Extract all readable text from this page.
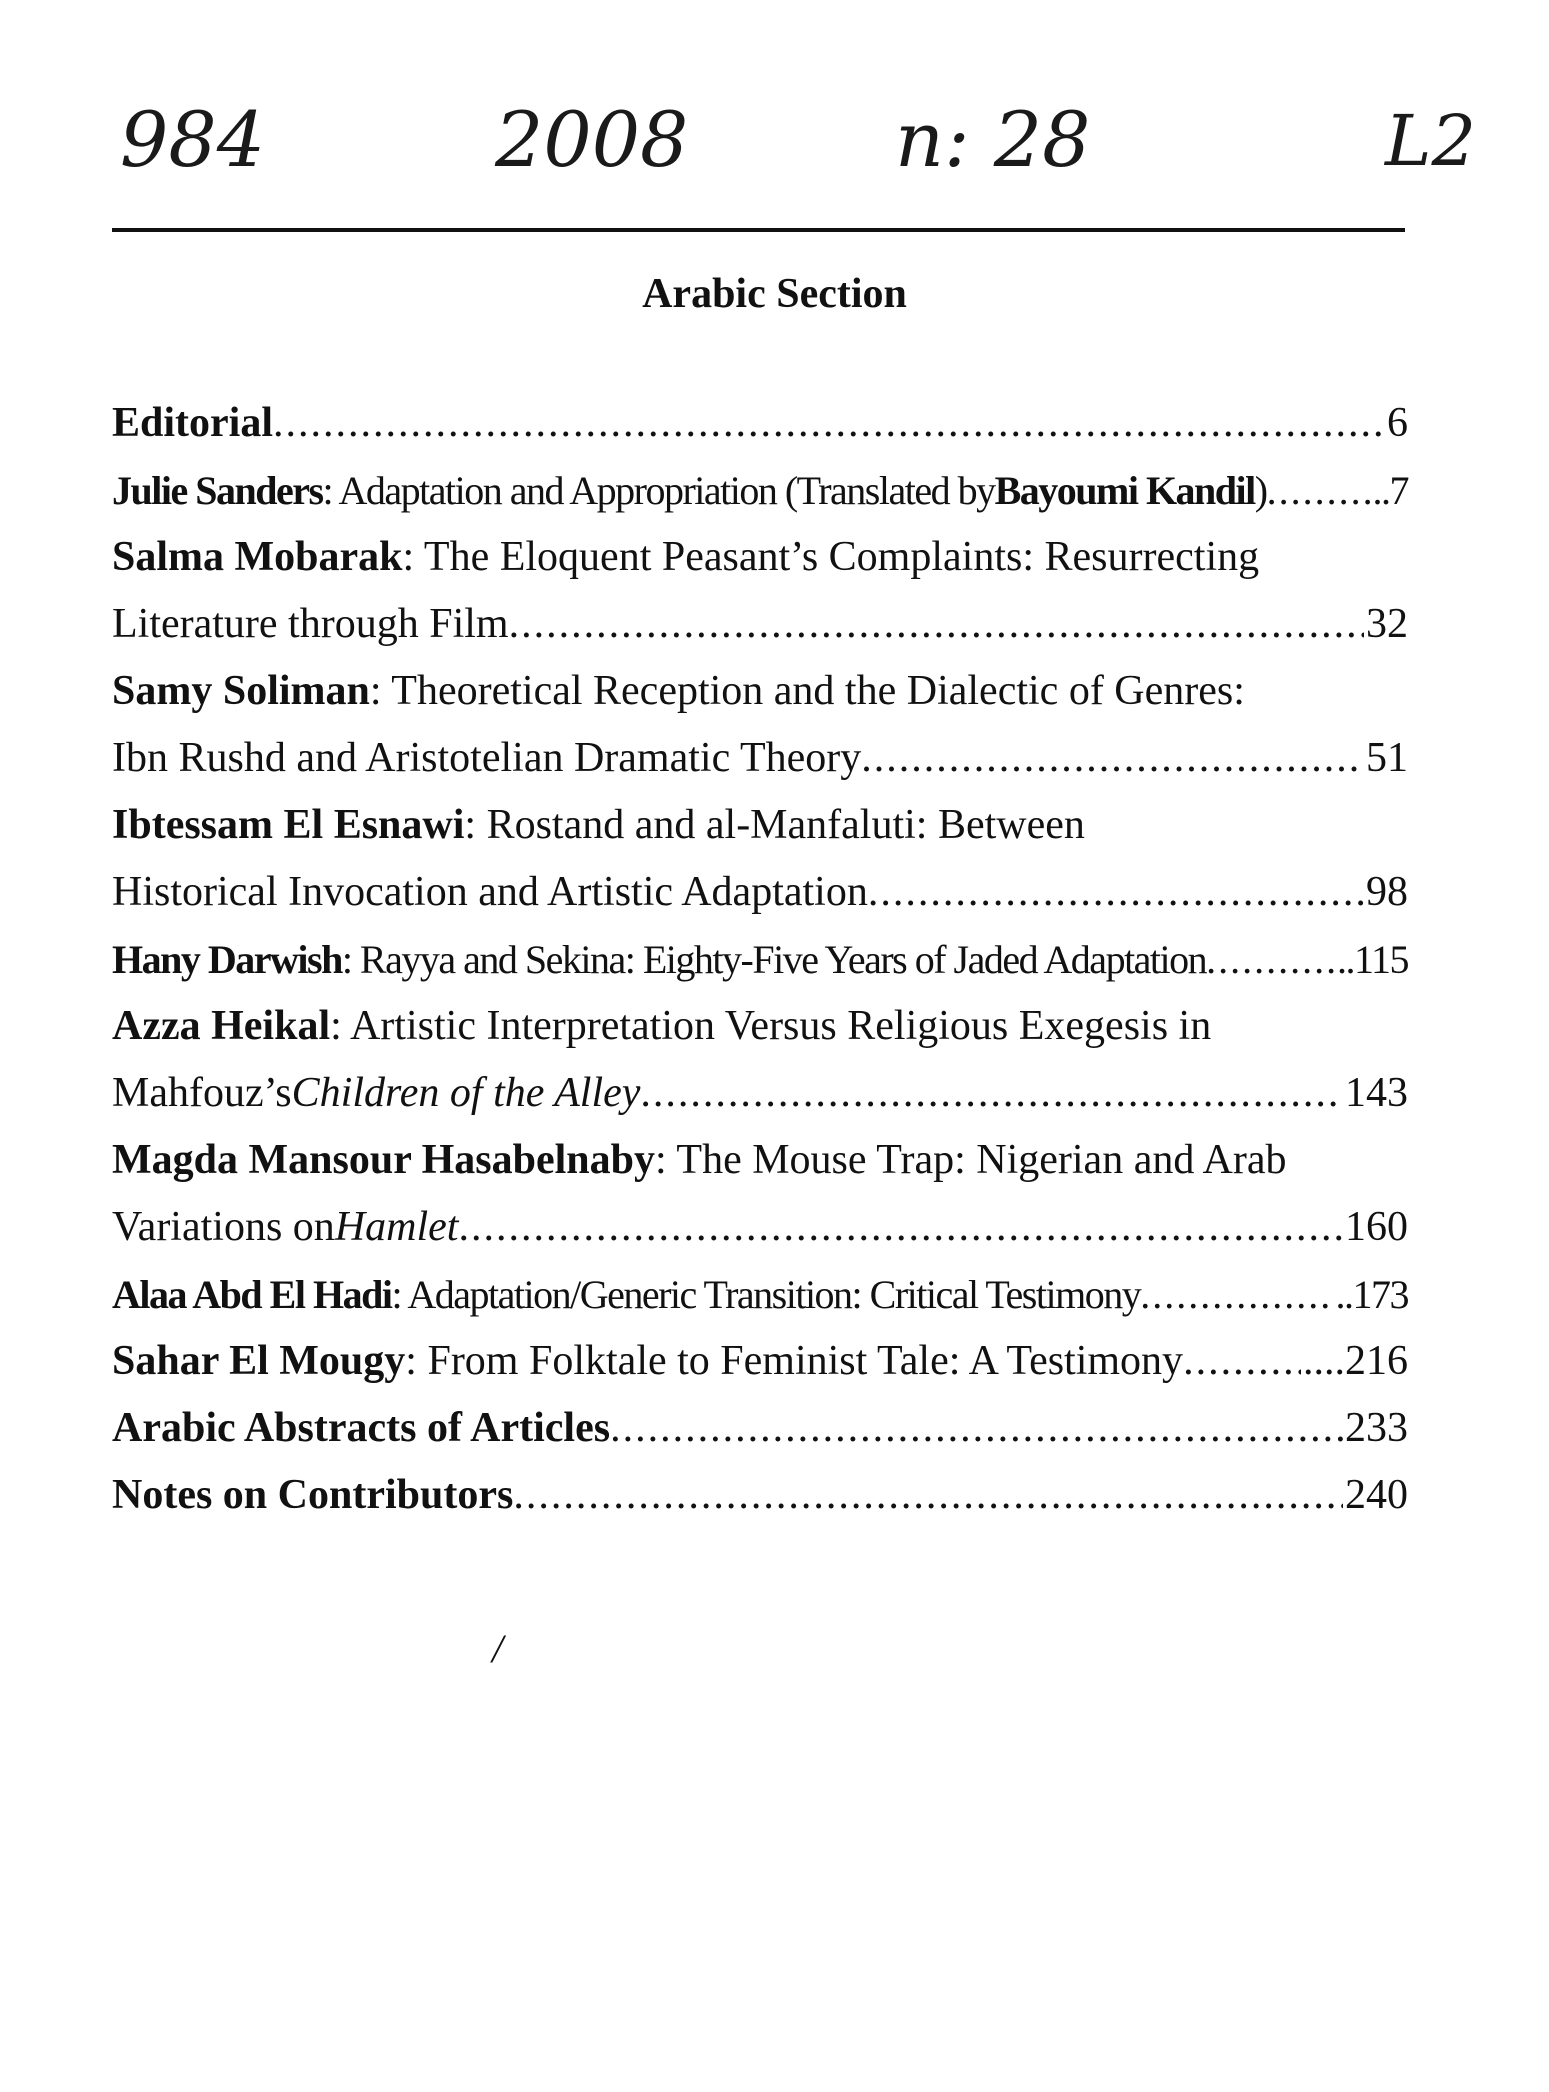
984	2008	n: 28	L2
Arabic Section
Editorial .....	6
Julie Sanders : Adaptation and Appropriation (Translated by Bayoumi Kandil ) .....	..7
Salma Mobarak : The Eloquent Peasant’s Complaints: Resurrecting
Literature through Film .....	32
Samy Soliman : Theoretical Reception and the Dialectic of Genres:
Ibn Rushd and Aristotelian Dramatic Theory .....	51
Ibtessam El Esnawi: Rostand and al-Manfaluti: Between
Historical Invocation and Artistic Adaptation .....	98
Hany Darwish : Rayya and Sekina: Eighty-Five Years of Jaded Adaptation .....	..115
Azza Heikal : Artistic Interpretation Versus Religious Exegesis in
Mahfouz’s Children of the Alley .....	143
Magda Mansour Hasabelnaby : The Mouse Trap: Nigerian and Arab
Variations on Hamlet .....	160
Alaa Abd El Hadi : Adaptation/Generic Transition: Critical Testimony .....	..173
Sahar El Mougy : From Folktale to Feminist Tale: A Testimony .....	....216
Arabic Abstracts of Articles .....	233
Notes on Contributors .....	240
/
